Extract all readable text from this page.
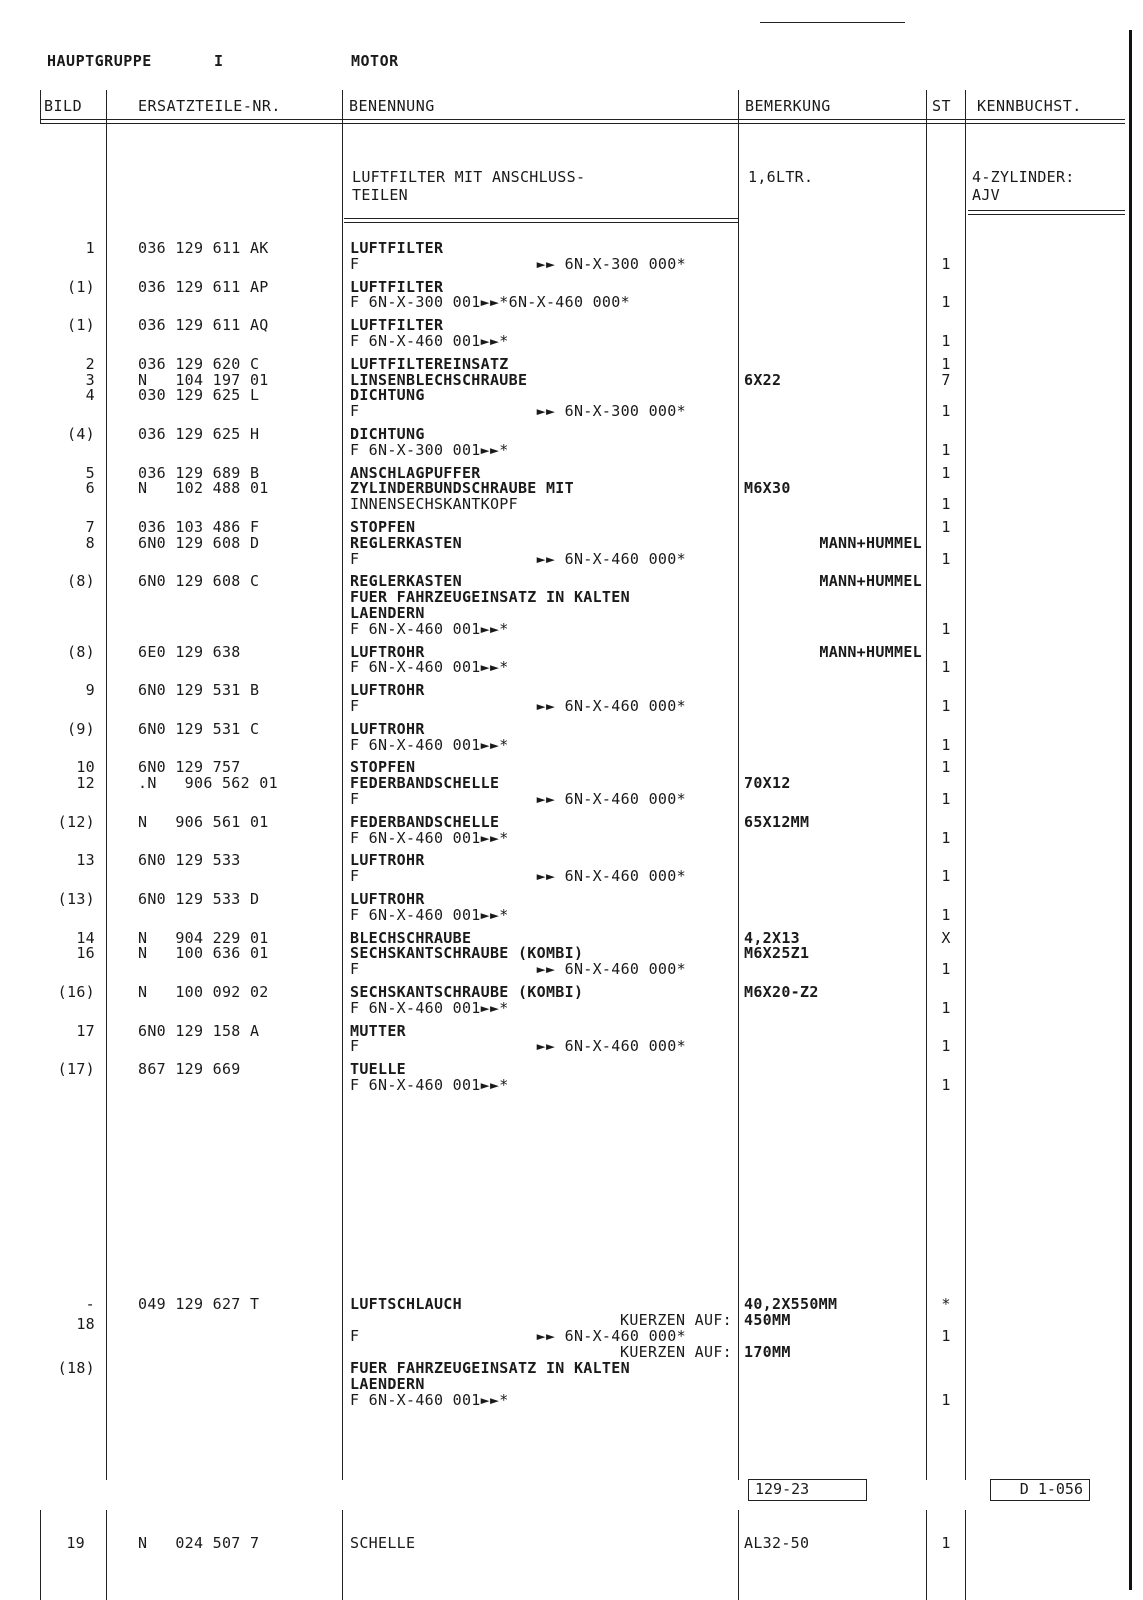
HAUPTGRUPPE	I	MOTOR
BILD	ERSATZTEILE-NR.	BENENNUNG	BEMERKUNG	ST KENNBUCHST.
LUFTFILTER MIT ANSCHLUSS-
TEILEN
1,6LTR.	4-ZYLINDER:
AJV
1	036 129 611 AK	LUFTFILTER
F                   ►► 6N-X-300 000*	1
(1)	036 129 611 AP	LUFTFILTER
F 6N-X-300 001►►*6N-X-460 000*	1
(1)	036 129 611 AQ	LUFTFILTER
F 6N-X-460 001►►*	1
2	036 129 620 C	LUFTFILTEREINSATZ	1
3	N   104 197 01	LINSENBLECHSCHRAUBE	6X22	7
4	030 129 625 L	DICHTUNG
F                   ►► 6N-X-300 000*	1
(4)	036 129 625 H	DICHTUNG
F 6N-X-300 001►►*	1
5	036 129 689 B	ANSCHLAGPUFFER	1
6	N   102 488 01	ZYLINDERBUNDSCHRAUBE MIT	M6X30
INNENSECHSKANTKOPF	1
7	036 103 486 F	STOPFEN	1
8	6N0 129 608 D	REGLERKASTEN	MANN+HUMMEL
F                   ►► 6N-X-460 000*	1
(8)	6N0 129 608 C	REGLERKASTEN	MANN+HUMMEL
FUER FAHRZEUGEINSATZ IN KALTEN
LAENDERN
F 6N-X-460 001►►*	1
(8)	6E0 129 638	LUFTROHR	MANN+HUMMEL
F 6N-X-460 001►►*	1
9	6N0 129 531 B	LUFTROHR
F                   ►► 6N-X-460 000*	1
(9)	6N0 129 531 C	LUFTROHR
F 6N-X-460 001►►*	1
10	6N0 129 757	STOPFEN	1
12	.N   906 562 01	FEDERBANDSCHELLE	70X12
F                   ►► 6N-X-460 000*	1
(12)	N   906 561 01	FEDERBANDSCHELLE	65X12MM
F 6N-X-460 001►►*	1
13	6N0 129 533	LUFTROHR
F                   ►► 6N-X-460 000*	1
(13)	6N0 129 533 D	LUFTROHR
F 6N-X-460 001►►*	1
14	N   904 229 01	BLECHSCHRAUBE	4,2X13	X
16	N   100 636 01	SECHSKANTSCHRAUBE (KOMBI)	M6X25Z1
F                   ►► 6N-X-460 000*	1
(16)	N   100 092 02	SECHSKANTSCHRAUBE (KOMBI)	M6X20-Z2
F 6N-X-460 001►►*	1
17	6N0 129 158 A	MUTTER
F                   ►► 6N-X-460 000*	1
(17)	867 129 669	TUELLE
F 6N-X-460 001►►*	1
-	049 129 627 T	LUFTSCHLAUCH	40,2X550MM	*
18	KUERZEN AUF: 450MM
F                   ►► 6N-X-460 000*	1
(18)
KUERZEN AUF: 170MM
FUER FAHRZEUGEINSATZ IN KALTEN
LAENDERN
F 6N-X-460 001►►*	1
129-23	D 1-056
19	N   024 507 7	SCHELLE	AL32-50	1
